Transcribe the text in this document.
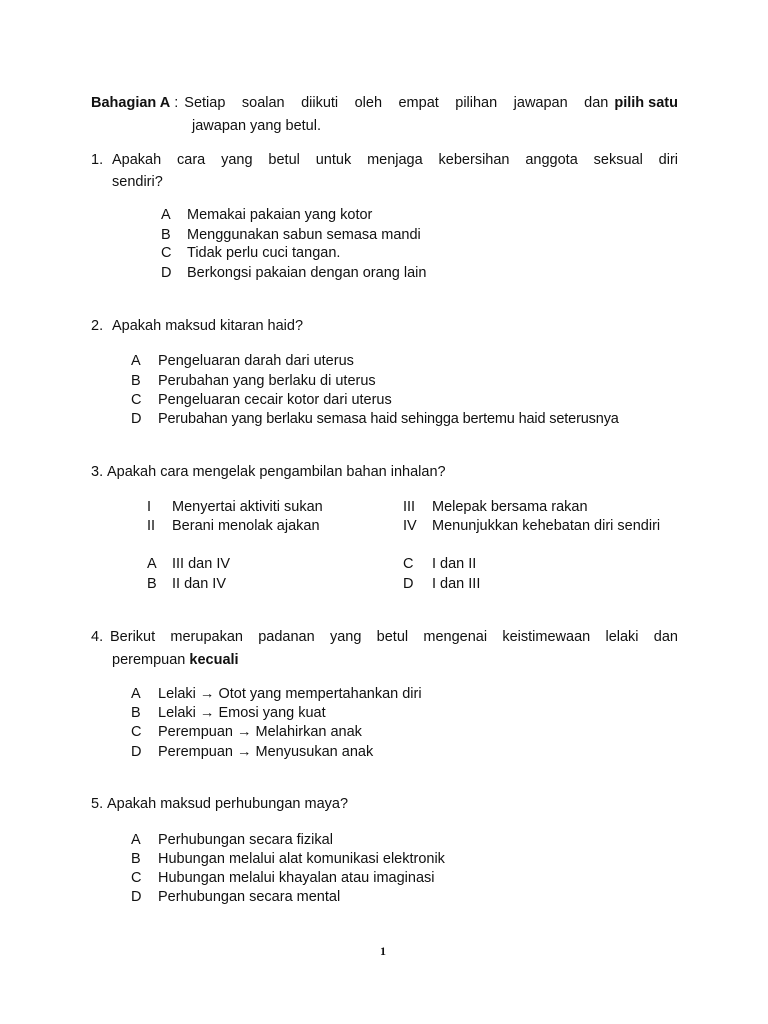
Bahagian A : Setiap soalan diikuti oleh empat pilihan jawapan dan pilih satu
jawapan yang betul.
1. Apakah cara yang betul untuk menjaga kebersihan anggota seksual diri
sendiri?
A	Memakai pakaian yang kotor
B	Menggunakan sabun semasa mandi
C	Tidak perlu cuci tangan.
D	Berkongsi pakaian dengan orang lain
2. Apakah maksud kitaran haid?
A	Pengeluaran darah dari uterus
B	Perubahan yang berlaku di uterus
C	Pengeluaran cecair kotor dari uterus
D	Perubahan yang berlaku semasa haid sehingga bertemu haid seterusnya
3. Apakah cara mengelak pengambilan bahan inhalan?
I Menyertai aktiviti sukan
II Berani menolak ajakan
III Melepak bersama rakan
IV Menunjukkan kehebatan diri sendiri
A III dan IV
B II dan IV
C I dan II
D I dan III
4. Berikut merupakan padanan yang betul mengenai keistimewaan lelaki dan
perempuan kecuali
A	Lelaki → Otot yang mempertahankan diri
B	Lelaki → Emosi yang kuat
C	Perempuan → Melahirkan anak
D	Perempuan → Menyusukan anak
5. Apakah maksud perhubungan maya?
A	Perhubungan secara fizikal
B	Hubungan melalui alat komunikasi elektronik
C	Hubungan melalui khayalan atau imaginasi
D	Perhubungan secara mental
1
